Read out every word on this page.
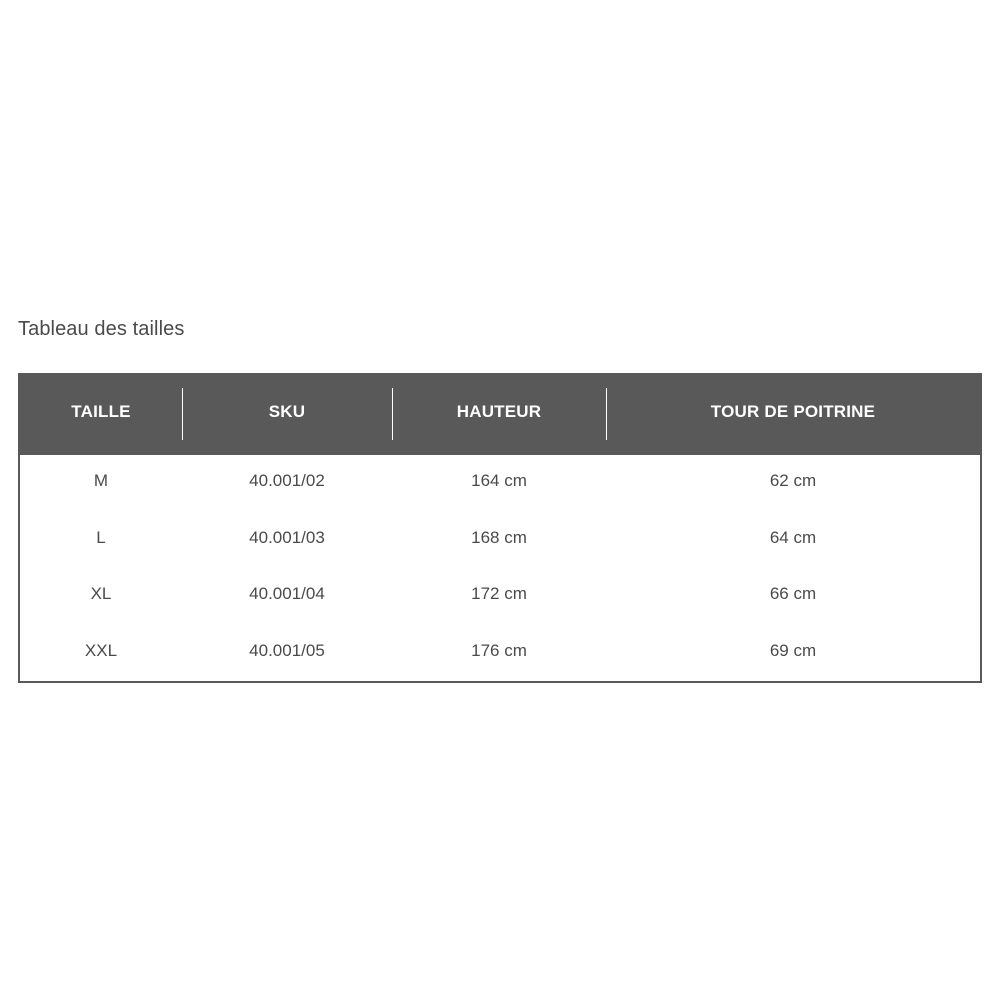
Tableau des tailles
TAILLE	SKU	HAUTEUR	TOUR DE POITRINE
M	40.001/02	164 cm	62 cm
L	40.001/03	168 cm	64 cm
XL	40.001/04	172 cm	66 cm
XXL	40.001/05	176 cm	69 cm
